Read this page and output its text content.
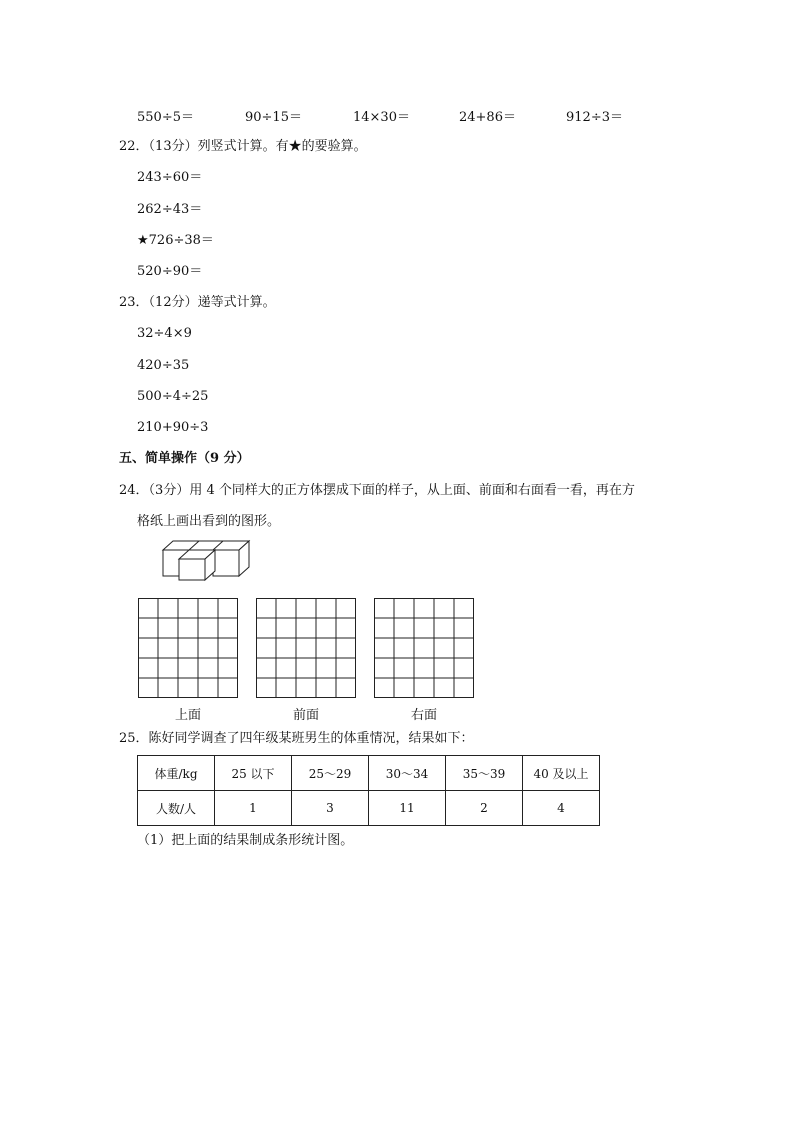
550÷5＝	90÷15＝	14×30＝	24+86＝	912÷3＝
22．（13分）列竖式计算。有★的要验算。
243÷60＝
262÷43＝
★726÷38＝
520÷90＝
23．（12分）递等式计算。
32÷4×9
420÷35
500÷4÷25
210+90÷3
五、简单操作（9 分）
24．（3分）用 4 个同样大的正方体摆成下面的样子，从上面、前面和右面看一看，再在方
格纸上画出看到的图形。
上面	前面	右面
25．陈好同学调查了四年级某班男生的体重情况，结果如下：
体重/kg	25 以下	25～29	30～34	35～39	40 及以上
人数/人	1	3	11	2	4
（1）把上面的结果制成条形统计图。
